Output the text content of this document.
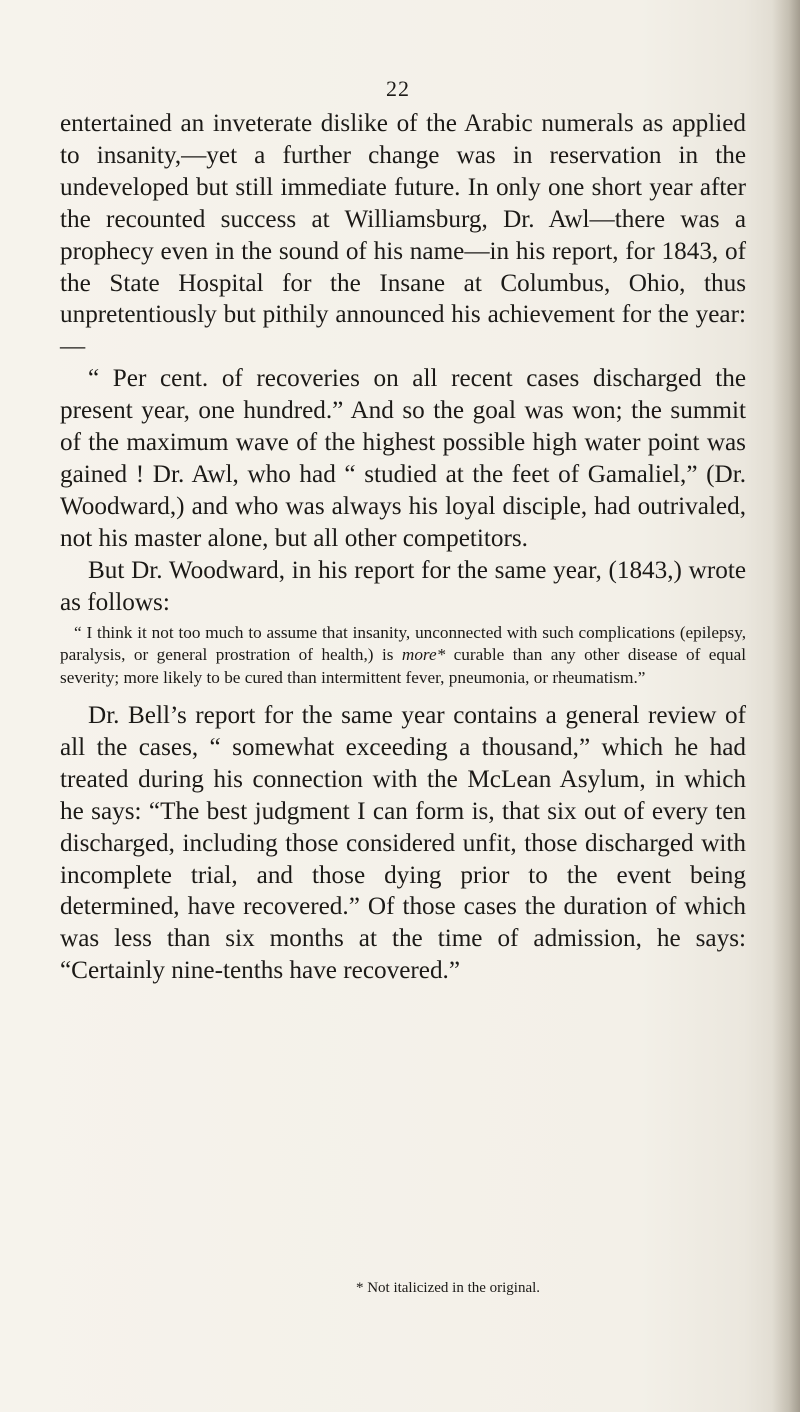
22

entertained an inveterate dislike of the Arabic numerals as applied to insanity,—yet a further change was in reservation in the undeveloped but still immediate future. In only one short year after the recounted success at Williamsburg, Dr. Awl—there was a prophecy even in the sound of his name—in his report, for 1843, of the State Hospital for the Insane at Columbus, Ohio, thus unpretentiously but pithily announced his achievement for the year:—

“ Per cent. of recoveries on all recent cases discharged the present year, one hundred.” And so the goal was won; the summit of the maximum wave of the highest possible high water point was gained ! Dr. Awl, who had “ studied at the feet of Gamaliel,” (Dr. Woodward,) and who was always his loyal disciple, had outrivaled, not his master alone, but all other competitors.

But Dr. Woodward, in his report for the same year, (1843,) wrote as follows:

“ I think it not too much to assume that insanity, unconnected with such complications (epilepsy, paralysis, or general prostration of health,) is more* curable than any other disease of equal severity; more likely to be cured than intermittent fever, pneumonia, or rheumatism.”

Dr. Bell’s report for the same year contains a general review of all the cases, “ somewhat exceeding a thousand,” which he had treated during his connection with the McLean Asylum, in which he says: “The best judgment I can form is, that six out of every ten discharged, including those considered unfit, those discharged with incomplete trial, and those dying prior to the event being determined, have recovered.” Of those cases the duration of which was less than six months at the time of admission, he says: “Certainly nine-tenths have recovered.”

* Not italicized in the original.
